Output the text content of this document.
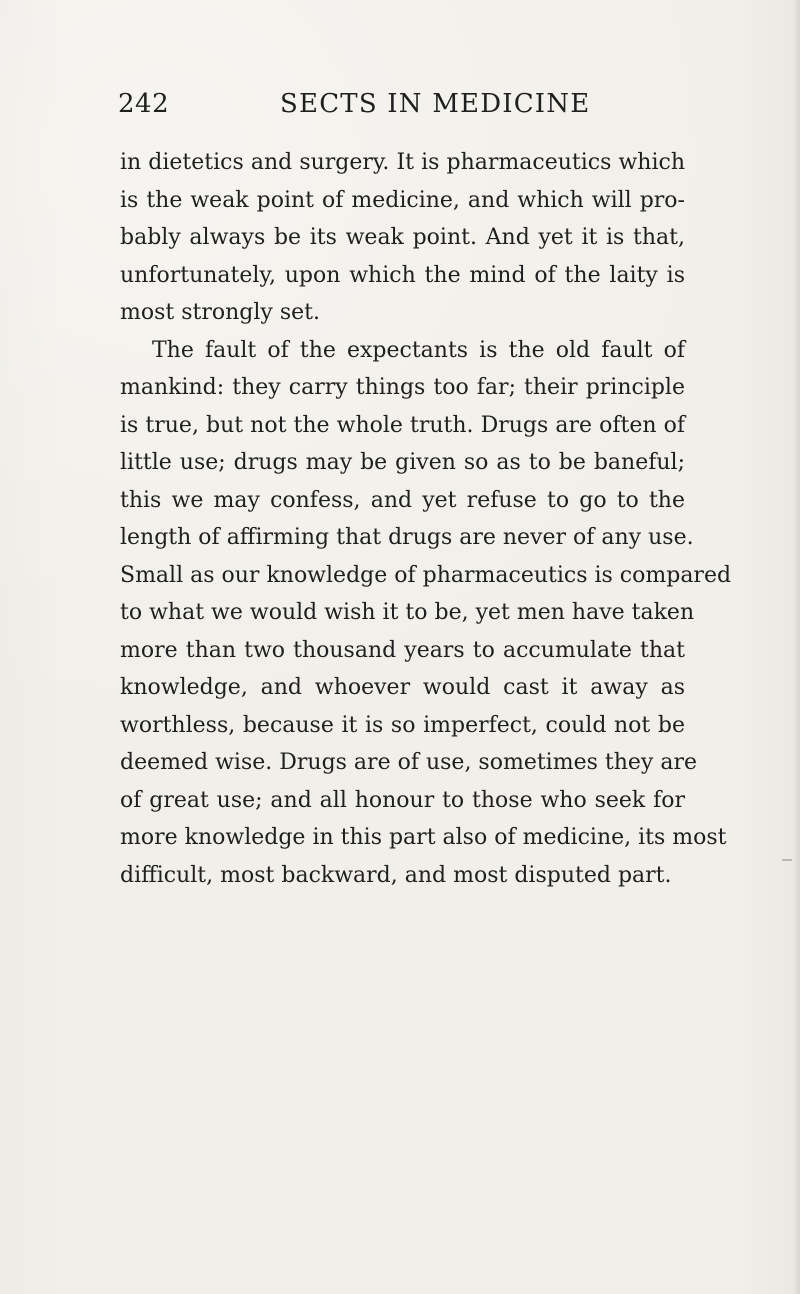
242	SECTS IN MEDICINE
in dietetics and surgery. It is pharmaceutics which
is the weak point of medicine, and which will pro-
bably always be its weak point. And yet it is that,
unfortunately, upon which the mind of the laity is
most strongly set.
The fault of the expectants is the old fault of
mankind: they carry things too far; their principle
is true, but not the whole truth. Drugs are often of
little use; drugs may be given so as to be baneful;
this we may confess, and yet refuse to go to the
length of affirming that drugs are never of any use.
Small as our knowledge of pharmaceutics is compared
to what we would wish it to be, yet men have taken
more than two thousand years to accumulate that
knowledge, and whoever would cast it away as
worthless, because it is so imperfect, could not be
deemed wise. Drugs are of use, sometimes they are
of great use; and all honour to those who seek for
more knowledge in this part also of medicine, its most
difficult, most backward, and most disputed part.
